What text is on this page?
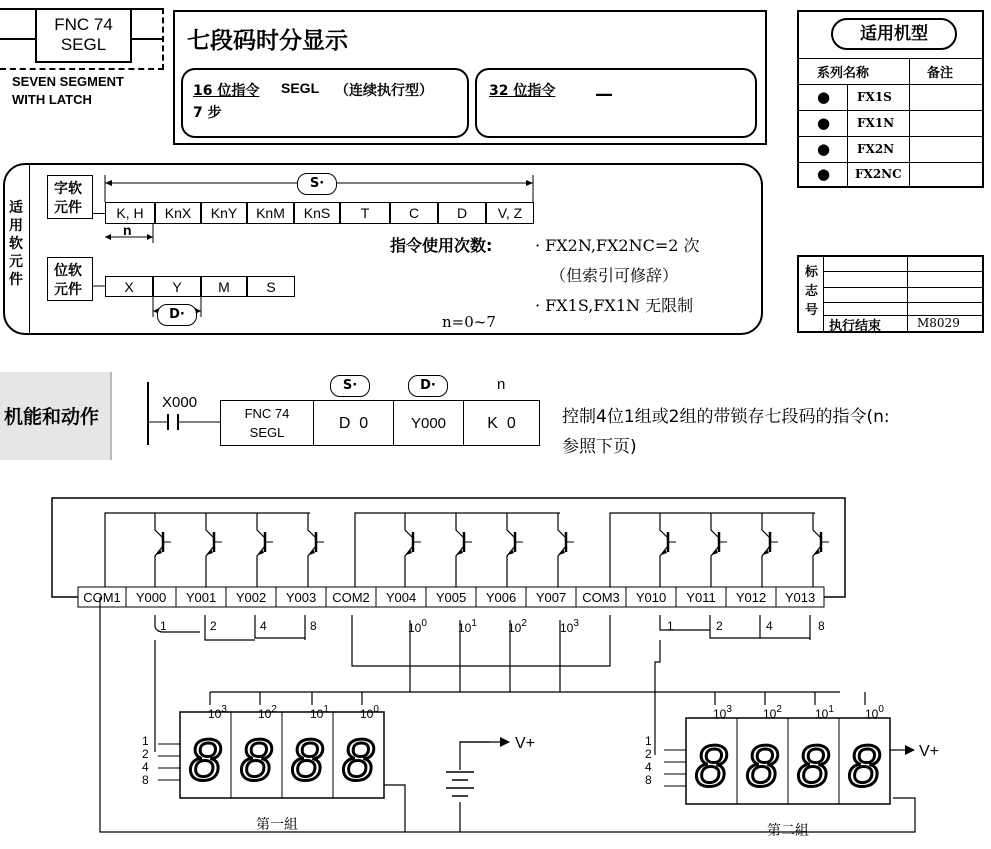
FNC 74
SEGL
SEVEN SEGMENT
WITH LATCH
七段码时分显示
16 位指令 SEGL （连续执行型）
7 步
32 位指令 —
适用机型
系列名称	备注
● FX1S
● FX1N
● FX2N
● FX2NC
适用软元件
字软
元件	K, H	KnX	KnY	KnM	KnS	T	C	D	V, Z
S·
n
位软
元件	X	Y	M	S
D·
指令使用次数:	· FX2N,FX2NC=2 次
（但索引可修辞）
· FX1S,FX1N 无限制
n=0~7
标志号
执行结束	M8029
机能和动作
X000
FNC 74
SEGL
D  0	Y000	K  0
S·	D·	n
控制4位1组或2组的带锁存七段码的指令(n:
参照下页)
COM1 Y000 Y001 Y002 Y003 COM2 Y004 Y005 Y006 Y007 COM3 Y010 Y011 Y012 Y013
8 8 8 8	8 8 8 8
1	2	4	8	1	2	4	8
$10^0$	$10^1$	$10^2$	$10^3$
$10^3$	$10^2$	$10^1$	$10^0$	$10^3$	$10^2$	$10^1$	$10^0$
1
2
4
8
1
2
4
8
V+	V+
第一組	第二組
